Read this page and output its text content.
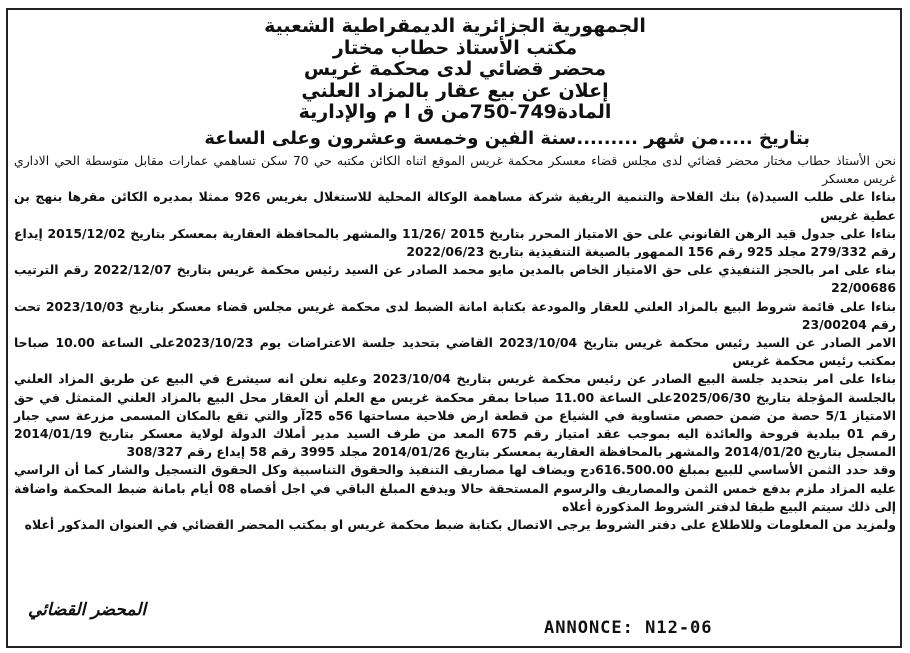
الجمهورية الجزائرية الديمقراطية الشعبية
مكتب الأستاذ حطاب مختار
محضر قضائي لدى محكمة غريس
إعلان عن بيع عقار بالمزاد العلني
المادة749-750من ق ا م والإدارية
بتاريخ .....من شهر .........سنة الفين وخمسة وعشرون وعلى الساعة
نحن الأستاذ حطاب مختار محضر قضائي لدى مجلس قضاء معسكر محكمة غريس الموقع اتناه الكائن مكتبه حي 70 سكن تساهمي عمارات مقابل متوسطة الحي الاداري غريس معسكر
بناءا على طلب السيد(ة) بنك الفلاحة والتنمية الريفية شركة مساهمة الوكالة المحلية للاستغلال بغريس 926 ممثلا بمديره الكائن مقرها بنهج بن عطية غريس
بناءا على جدول قيد الرهن القانوني على حق الامتياز المحرر بتاريخ 2015 /11/26 والمشهر بالمحافظة العقارية بمعسكر بتاريخ 2015/12/02 إيداع رقم 279/332 مجلد 925 رقم 156 الممهور بالصيغة التنفيذية بتاريخ 2022/06/23
بناء على امر بالحجز التنفيذي على حق الامتياز الخاص بالمدين مايو محمد الصادر عن السيد رئيس محكمة غريس بتاريخ 2022/12/07 رقم الترتيب 22/00686
بناءا على قائمة شروط البيع بالمزاد العلني للعقار والمودعة بكتابة امانة الضبط لدى محكمة غريس مجلس قضاء معسكر بتاريخ 2023/10/03 تحت رقم 23/00204
الامر الصادر عن السيد رئيس محكمة غريس بتاريخ 2023/10/04 القاضي بتحديد جلسة الاعتراضات يوم 2023/10/23على الساعة 10.00 صباحا بمكتب رئيس محكمة غريس
بناءا على امر بتحديد جلسة البيع الصادر عن رئيس محكمة غريس بتاريخ 2023/10/04 وعليه نعلن انه سيشرع في البيع عن طريق المزاد العلني بالجلسة المؤجلة بتاريخ 2025/06/30على الساعة 11.00 صباحا بمقر محكمة غريس مع العلم أن العقار محل البيع بالمزاد العلني المتمثل في حق الامتياز 5/1 حصة من ضمن حصص متساوية في الشياع من قطعة ارض فلاحية مساحتها 56ه 25آر والتي تقع بالمكان المسمى مزرعة سي جبار رقم 01 ببلدية فروحة والعائدة اليه بموجب عقد امتياز رقم 675 المعد من طرف السيد مدير أملاك الدولة لولاية معسكر بتاريخ 2014/01/19 المسجل بتاريخ 2014/01/20 والمشهر بالمحافظة العقارية بمعسكر بتاريخ 2014/01/26 مجلد 3995 رقم 58 إيداع رقم 308/327
وقد حدد الثمن الأساسي للبيع بمبلغ 616.500.00دج ويضاف لها مصاريف التنفيذ والحقوق التناسبية وكل الحقوق التسجيل والشار كما أن الراسي عليه المزاد ملزم بدفع خمس الثمن والمصاريف والرسوم المستحقة حالا ويدفع المبلغ الباقي في اجل أقصاه 08 أيام بامانة ضبط المحكمة واضافة إلى ذلك سيتم البيع طبقا لدفتر الشروط المذكورة أعلاه
ولمزيد من المعلومات وللاطلاع على دفتر الشروط يرجى الاتصال بكتابة ضبط محكمة غريس او بمكتب المحضر القضائي في العنوان المذكور أعلاه
المحضر القضائي
ANNONCE: N12-06
